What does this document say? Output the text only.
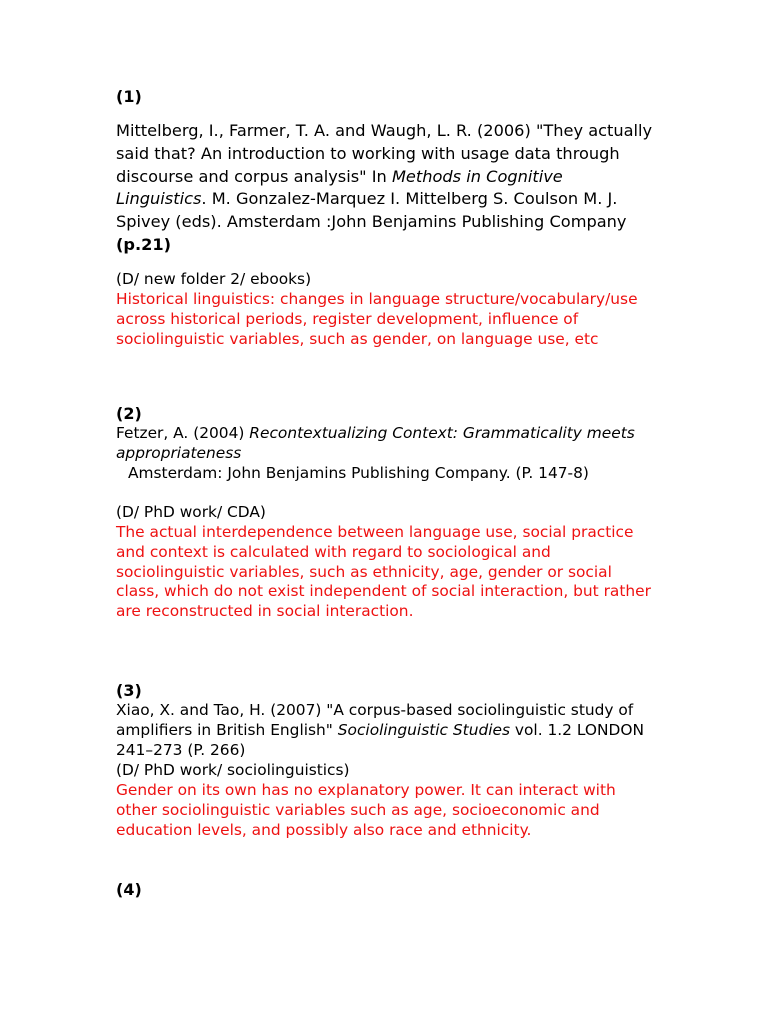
(1)

Mittelberg, I., Farmer, T. A. and Waugh, L. R. (2006) "They actually said that? An introduction to working with usage data through discourse and corpus analysis" In Methods in Cognitive Linguistics. M. Gonzalez-Marquez I. Mittelberg S. Coulson M. J. Spivey (eds). Amsterdam :John Benjamins Publishing Company (p.21)

(D/ new folder 2/ ebooks)

Historical linguistics: changes in language structure/vocabulary/use across historical periods, register development, influence of sociolinguistic variables, such as gender, on language use, etc

(2)

Fetzer, A. (2004) Recontextualizing Context: Grammaticality meets appropriateness
Amsterdam: John Benjamins Publishing Company. (P. 147-8)

(D/ PhD work/ CDA)

The actual interdependence between language use, social practice and context is calculated with regard to sociological and sociolinguistic variables, such as ethnicity, age, gender or social class, which do not exist independent of social interaction, but rather are reconstructed in social interaction.

(3)

Xiao, X. and Tao, H. (2007) "A corpus-based sociolinguistic study of amplifiers in British English" Sociolinguistic Studies vol. 1.2 LONDON 241–273 (P. 266)

(D/ PhD work/ sociolinguistics)

Gender on its own has no explanatory power. It can interact with other sociolinguistic variables such as age, socioeconomic and education levels, and possibly also race and ethnicity.

(4)
